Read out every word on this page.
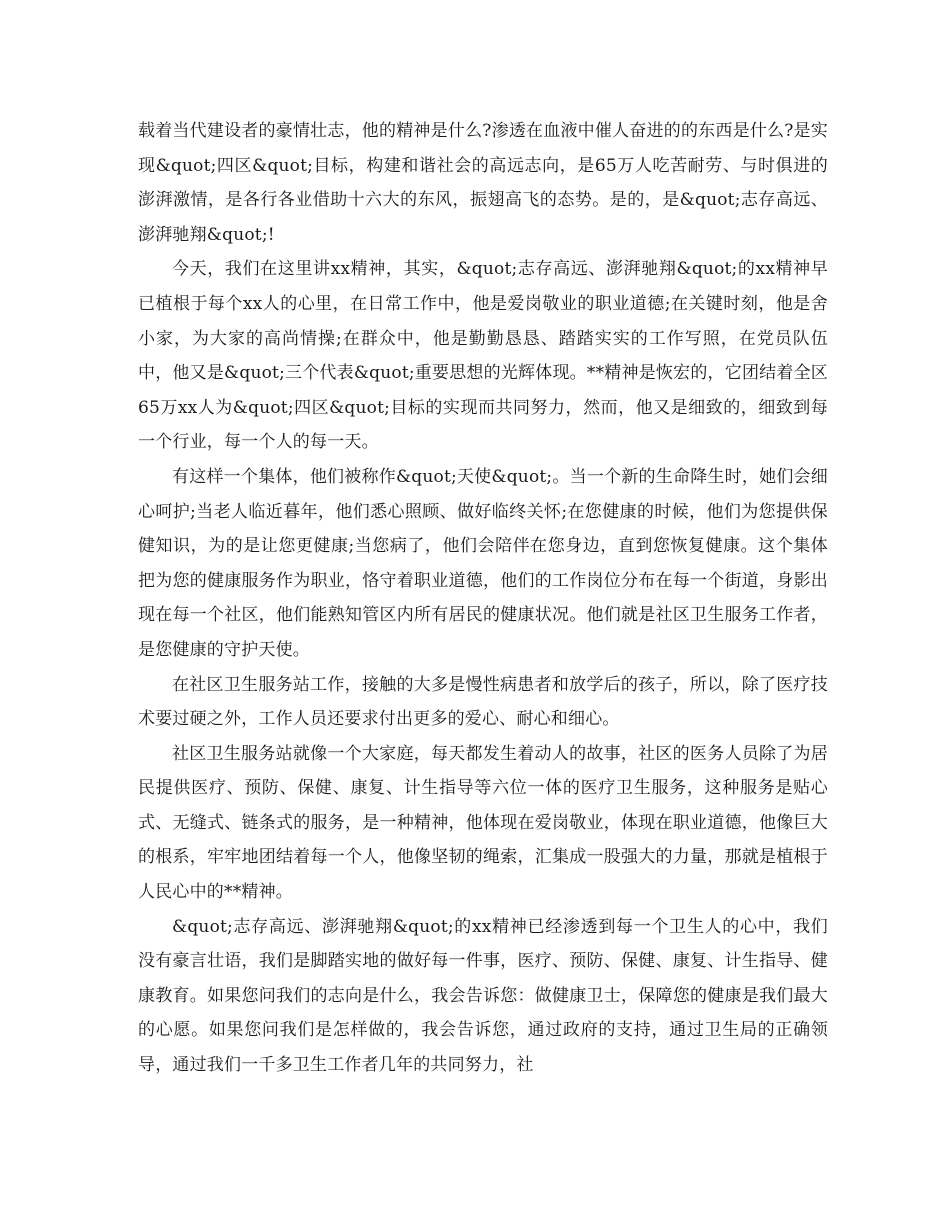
载着当代建设者的豪情壮志，他的精神是什么?渗透在血液中催人奋进的的东西是什么?是实现&quot;四区&quot;目标，构建和谐社会的高远志向，是65万人吃苦耐劳、与时俱进的澎湃激情，是各行各业借助十六大的东风，振翅高飞的态势。是的，是&quot;志存高远、澎湃驰翔&quot;!

今天，我们在这里讲xx精神，其实，&quot;志存高远、澎湃驰翔&quot;的xx精神早已植根于每个xx人的心里，在日常工作中，他是爱岗敬业的职业道德;在关键时刻，他是舍小家，为大家的高尚情操;在群众中，他是勤勤恳恳、踏踏实实的工作写照，在党员队伍中，他又是&quot;三个代表&quot;重要思想的光辉体现。**精神是恢宏的，它团结着全区65万xx人为&quot;四区&quot;目标的实现而共同努力，然而，他又是细致的，细致到每一个行业，每一个人的每一天。

有这样一个集体，他们被称作&quot;天使&quot;。当一个新的生命降生时，她们会细心呵护;当老人临近暮年，他们悉心照顾、做好临终关怀;在您健康的时候，他们为您提供保健知识，为的是让您更健康;当您病了，他们会陪伴在您身边，直到您恢复健康。这个集体把为您的健康服务作为职业，恪守着职业道德，他们的工作岗位分布在每一个街道，身影出现在每一个社区，他们能熟知管区内所有居民的健康状况。他们就是社区卫生服务工作者，是您健康的守护天使。

在社区卫生服务站工作，接触的大多是慢性病患者和放学后的孩子，所以，除了医疗技术要过硬之外，工作人员还要求付出更多的爱心、耐心和细心。

社区卫生服务站就像一个大家庭，每天都发生着动人的故事，社区的医务人员除了为居民提供医疗、预防、保健、康复、计生指导等六位一体的医疗卫生服务，这种服务是贴心式、无缝式、链条式的服务，是一种精神，他体现在爱岗敬业，体现在职业道德，他像巨大的根系，牢牢地团结着每一个人，他像坚韧的绳索，汇集成一股强大的力量，那就是植根于人民心中的**精神。

&quot;志存高远、澎湃驰翔&quot;的xx精神已经渗透到每一个卫生人的心中，我们没有豪言壮语，我们是脚踏实地的做好每一件事，医疗、预防、保健、康复、计生指导、健康教育。如果您问我们的志向是什么，我会告诉您：做健康卫士，保障您的健康是我们最大的心愿。如果您问我们是怎样做的，我会告诉您，通过政府的支持，通过卫生局的正确领导，通过我们一千多卫生工作者几年的共同努力，社
